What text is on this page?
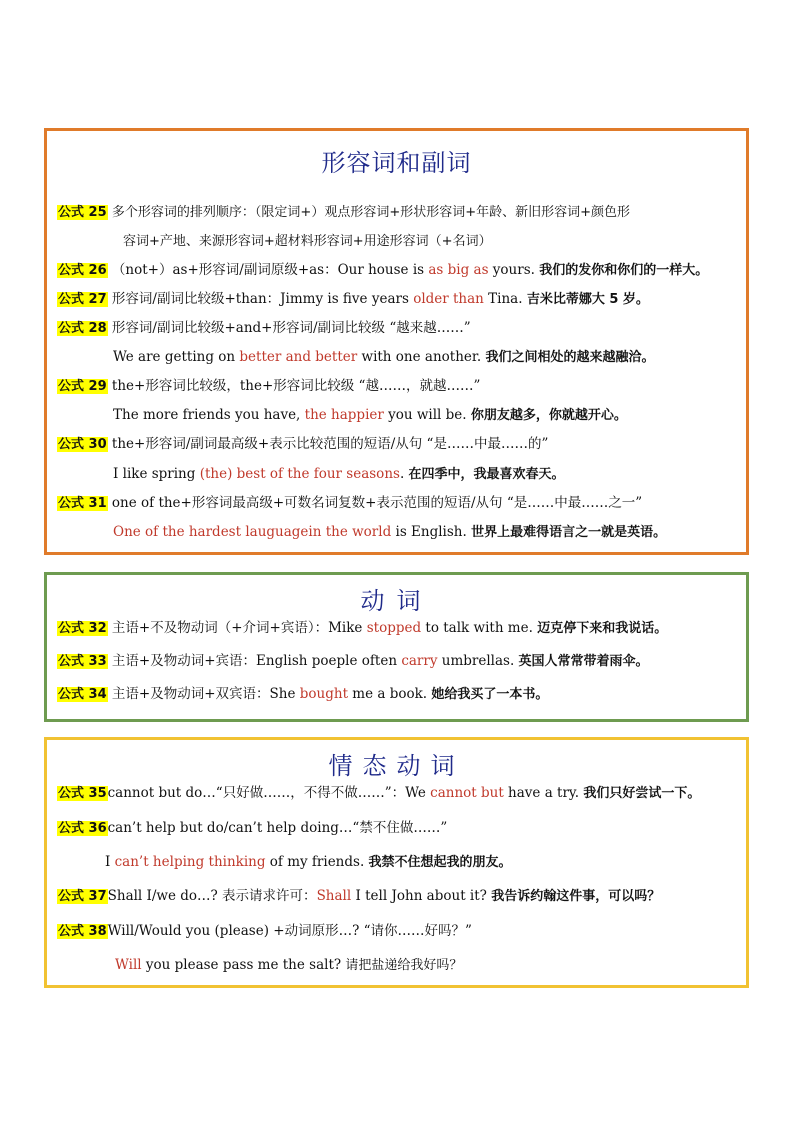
形容词和副词
公式 25 多个形容词的排列顺序：（限定词+）观点形容词+形状形容词+年龄、新旧形容词+颜色形
容词+产地、来源形容词+超材料形容词+用途形容词（+名词）
公式 26 （not+）as+形容词/副词原级+as：Our house is as big as yours. 我们的发你和你们的一样大。
公式 27 形容词/副词比较级+than：Jimmy is five years older than Tina. 吉米比蒂娜大 5 岁。
公式 28 形容词/副词比较级+and+形容词/副词比较级 “越来越……”
We are getting on better and better with one another. 我们之间相处的越来越融洽。
公式 29 the+形容词比较级，the+形容词比较级 “越……，就越……”
The more friends you have, the happier you will be. 你朋友越多，你就越开心。
公式 30 the+形容词/副词最高级+表示比较范围的短语/从句 “是……中最……的”
I like spring (the) best of the four seasons. 在四季中，我最喜欢春天。
公式 31 one of the+形容词最高级+可数名词复数+表示范围的短语/从句 “是……中最……之一”
One of the hardest lauguagein the world is English. 世界上最难得语言之一就是英语。
动词
公式 32 主语+不及物动词（+介词+宾语）：Mike stopped to talk with me. 迈克停下来和我说话。
公式 33 主语+及物动词+宾语：English poeple often carry umbrellas. 英国人常常带着雨伞。
公式 34 主语+及物动词+双宾语：She bought me a book. 她给我买了一本书。
情态动词
公式 35cannot but do…“只好做……，不得不做……”：We cannot but have a try. 我们只好尝试一下。
公式 36can’t help but do/can’t help doing…“禁不住做……”
I can’t helping thinking of my friends. 我禁不住想起我的朋友。
公式 37Shall I/we do…? 表示请求许可：Shall I tell John about it? 我告诉约翰这件事，可以吗？
公式 38Will/Would you (please) +动词原形…? “请你……好吗？”
Will you please pass me the salt? 请把盐递给我好吗？
